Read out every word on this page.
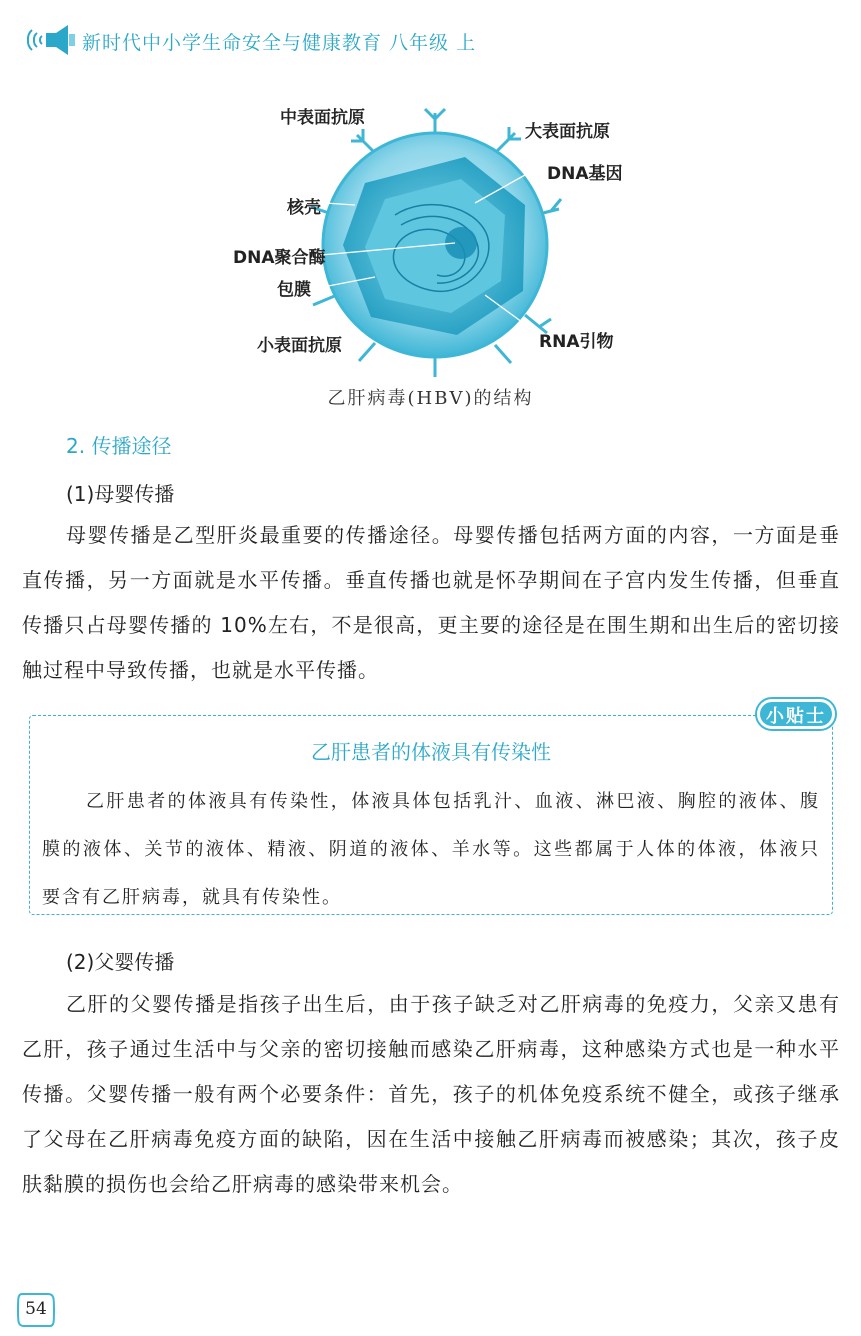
新时代中小学生命安全与健康教育 八年级 上
中表面抗原
大表面抗原
DNA基因
核壳
DNA聚合酶
包膜
小表面抗原	RNA引物
乙肝病毒(HBV)的结构
2. 传播途径
(1)母婴传播

母婴传播是乙型肝炎最重要的传播途径。母婴传播包括两方面的内容，一方面是垂直传播，另一方面就是水平传播。垂直传播也就是怀孕期间在子宫内发生传播，但垂直传播只占母婴传播的 10%左右，不是很高，更主要的途径是在围生期和出生后的密切接触过程中导致传播，也就是水平传播。

小贴士
乙肝患者的体液具有传染性

乙肝患者的体液具有传染性，体液具体包括乳汁、血液、淋巴液、胸腔的液体、腹膜的液体、关节的液体、精液、阴道的液体、羊水等。这些都属于人体的体液，体液只要含有乙肝病毒，就具有传染性。

(2)父婴传播

乙肝的父婴传播是指孩子出生后，由于孩子缺乏对乙肝病毒的免疫力，父亲又患有乙肝，孩子通过生活中与父亲的密切接触而感染乙肝病毒，这种感染方式也是一种水平传播。父婴传播一般有两个必要条件：首先，孩子的机体免疫系统不健全，或孩子继承了父母在乙肝病毒免疫方面的缺陷，因在生活中接触乙肝病毒而被感染；其次，孩子皮肤黏膜的损伤也会给乙肝病毒的感染带来机会。

54
